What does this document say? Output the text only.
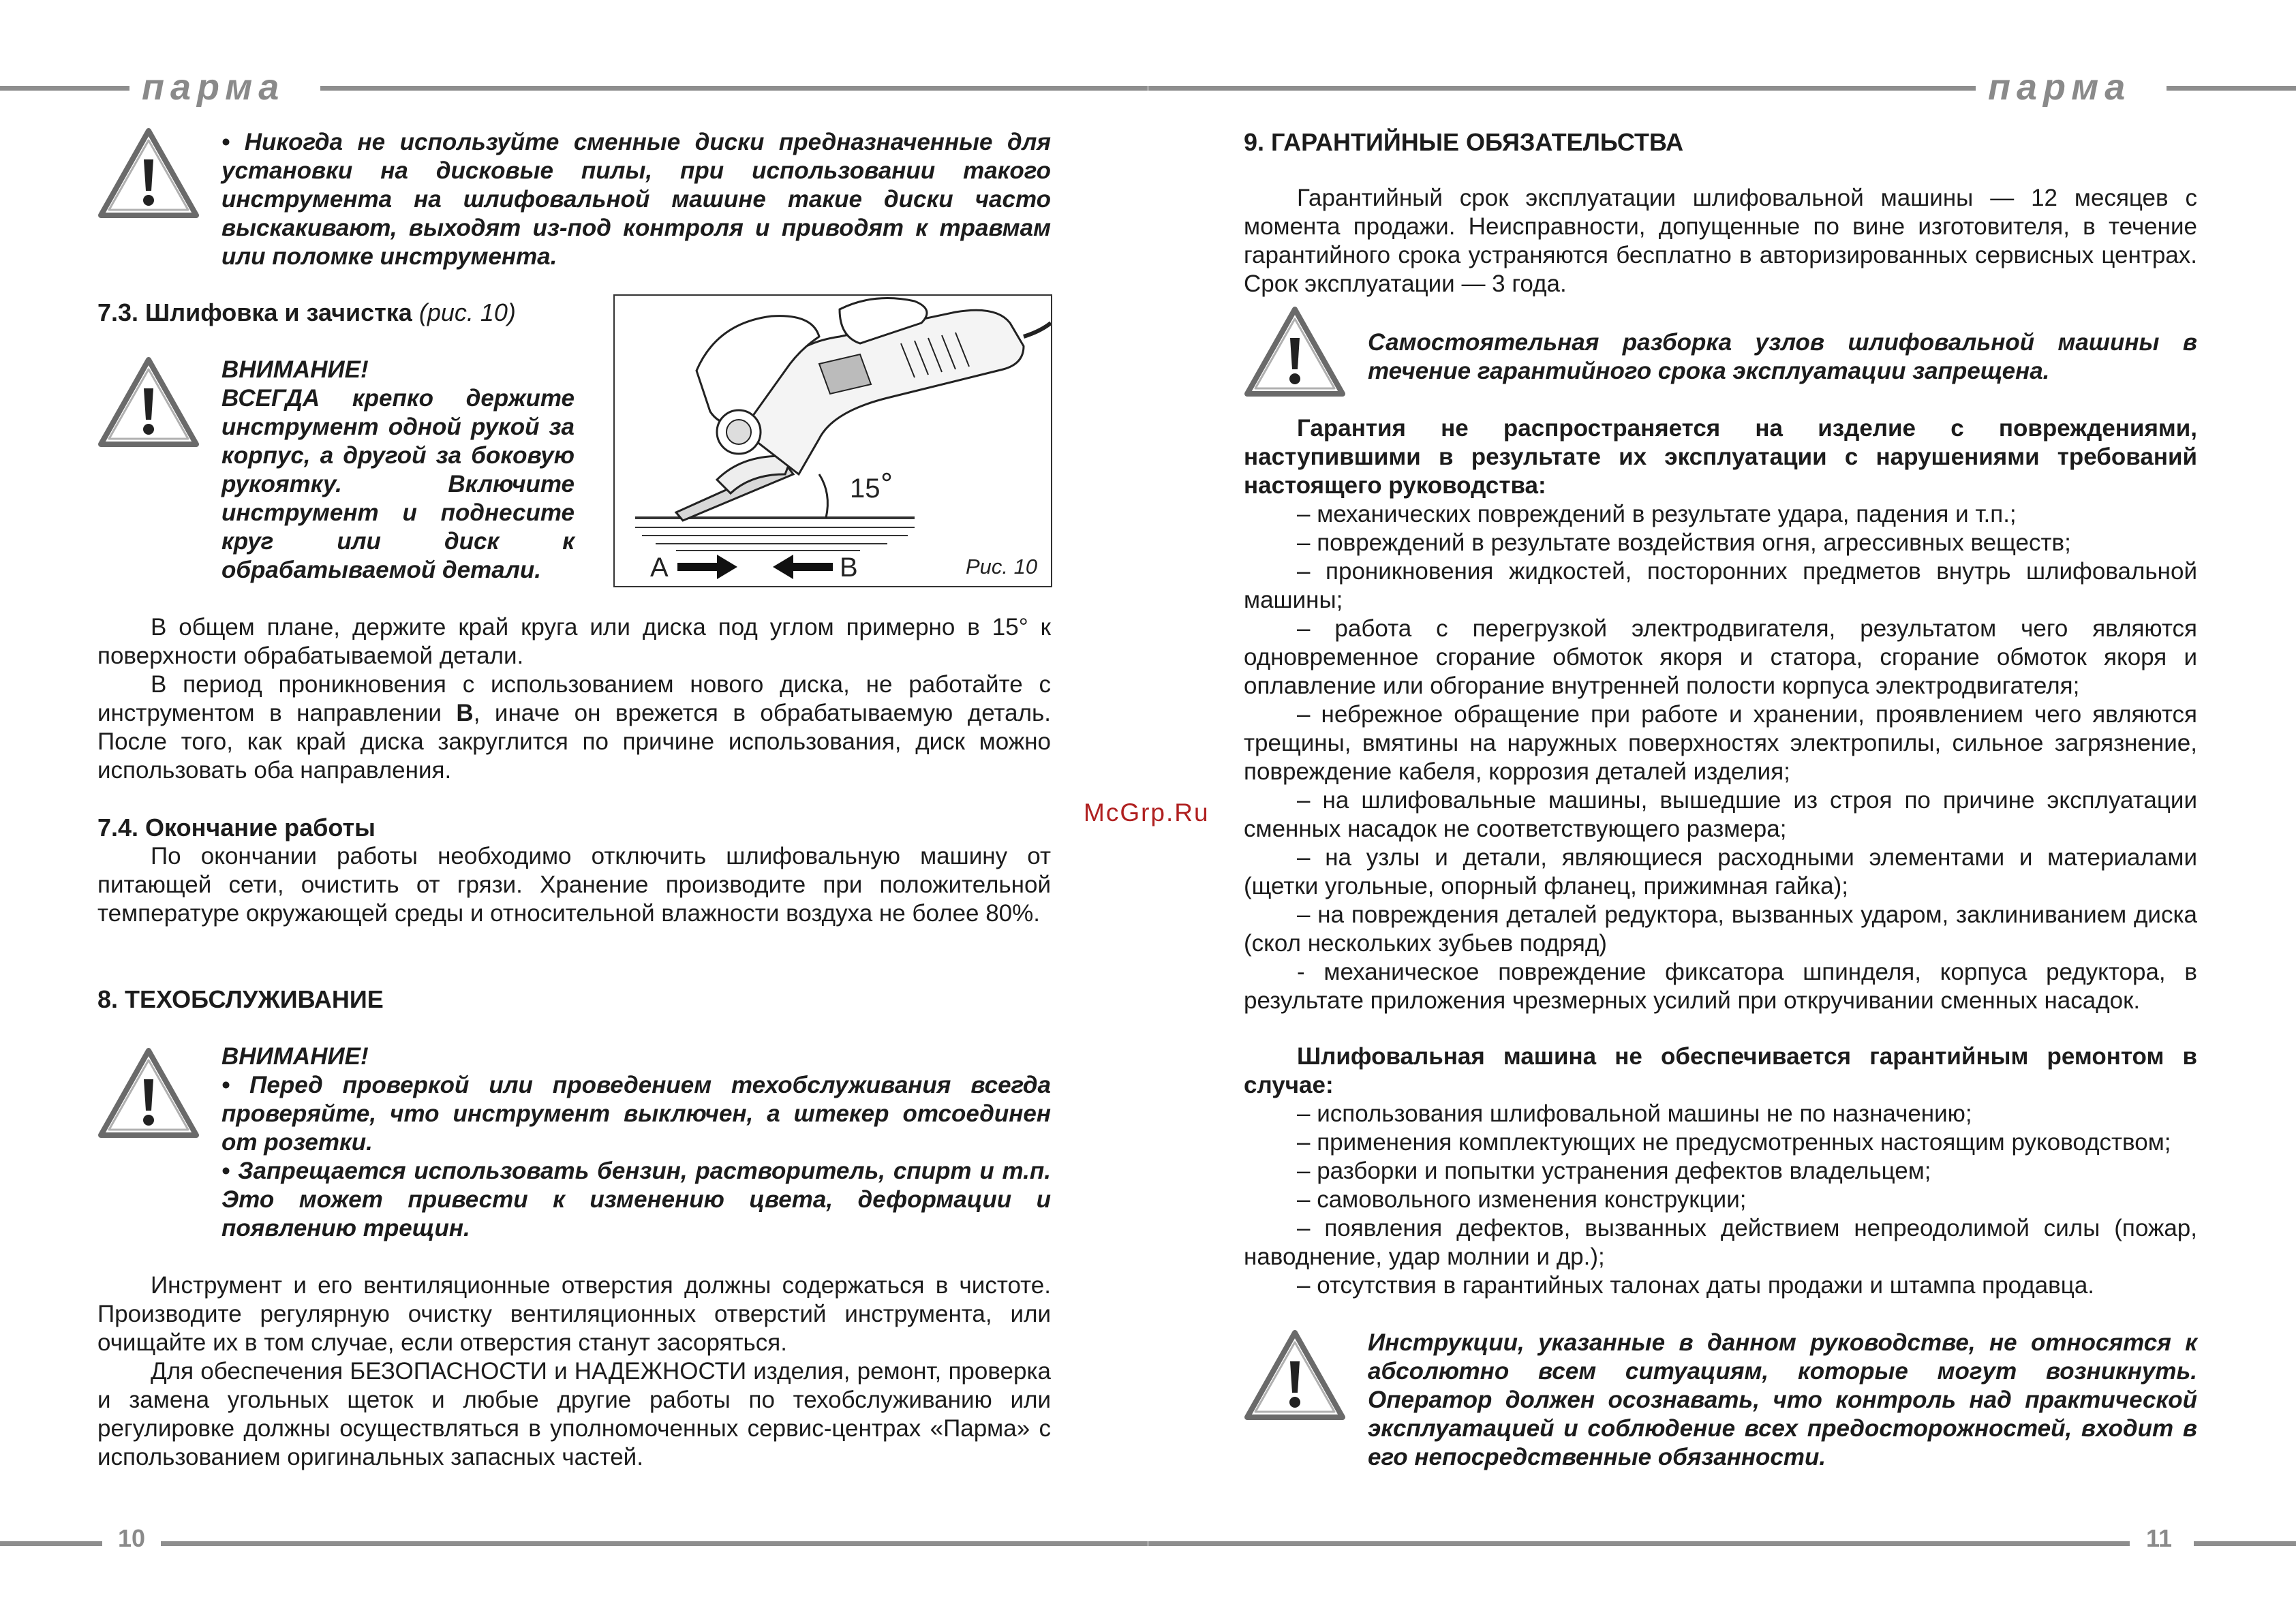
парма
• Никогда не используйте сменные диски предназначенные для установки на дисковые пилы, при использовании такого инструмента на шлифовальной машине такие диски часто выскакивают, выходят из-под контроля и приводят к травмам или поломке инструмента.
7.3. Шлифовка и зачистка (рис. 10)

ВНИМАНИЕ!

ВСЕГДА крепко держите инструмент одной рукой за корпус, а другой за боковую рукоятку. Включите инструмент и поднесите круг или диск к обрабатываемой детали.

15
A	B	Рис. 10

В общем плане, держите край круга или диска под углом примерно в 15° к поверхности обрабатываемой детали.

В период проникновения с использованием нового диска, не работайте с инструментом в направлении B, иначе он врежется в обрабатываемую деталь. После того, как край диска закруглится по причине использования, диск можно использовать оба направления.

7.4. Окончание работы

По окончании работы необходимо отключить шлифовальную машину от питающей сети, очистить от грязи. Хранение производите при положительной температуре окружающей среды и относительной влажности воздуха не более 80%.

8. ТЕХОБСЛУЖИВАНИЕ

ВНИМАНИЕ!

• Перед проверкой или проведением техобслуживания всегда проверяйте, что инструмент выключен, а штекер отсоединен от розетки.

• Запрещается использовать бензин, растворитель, спирт и т.п. Это может привести к изменению цвета, деформации и появлению трещин.

Инструмент и его вентиляционные отверстия должны содержаться в чистоте. Производите регулярную очистку вентиляционных отверстий инструмента, или очищайте их в том случае, если отверстия станут засоряться.

Для обеспечения БЕЗОПАСНОСТИ и НАДЕЖНОСТИ изделия, ремонт, проверка и замена угольных щеток и любые другие работы по техобслуживанию или регулировке должны осуществляться в уполномоченных сервис-центрах «Парма» с использованием оригинальных запасных частей.

10
McGrp.Ru
парма
9. ГАРАНТИЙНЫЕ ОБЯЗАТЕЛЬСТВА

Гарантийный срок эксплуатации шлифовальной машины — 12 месяцев с момента продажи. Неисправности, допущенные по вине изготовителя, в течение гарантийного срока устраняются бесплатно в авторизированных сервисных центрах. Срок эксплуатации — 3 года.

Самостоятельная разборка узлов шлифовальной машины в течение гарантийного срока эксплуатации запрещена.

Гарантия не распространяется на изделие с повреждениями, наступившими в результате их эксплуатации с нарушениями требований настоящего руководства:

– механических повреждений в результате удара, падения и т.п.;

– повреждений в результате воздействия огня, агрессивных веществ;

– проникновения жидкостей, посторонних предметов внутрь шлифовальной машины;

– работа с перегрузкой электродвигателя, результатом чего являются одновременное сгорание обмоток якоря и статора, сгорание обмоток якоря и оплавление или обгорание внутренней полости корпуса электродвигателя;

– небрежное обращение при работе и хранении, проявлением чего являются трещины, вмятины на наружных поверхностях электропилы, сильное загрязнение, повреждение кабеля, коррозия деталей изделия;

– на шлифовальные машины, вышедшие из строя по причине эксплуатации сменных насадок не соответствующего размера;

– на узлы и детали, являющиеся расходными элементами и материалами (щетки угольные, опорный фланец, прижимная гайка);

– на повреждения деталей редуктора, вызванных ударом, заклиниванием диска (скол нескольких зубьев подряд)

- механическое повреждение фиксатора шпинделя, корпуса редуктора, в результате приложения чрезмерных усилий при откручивании сменных насадок.

Шлифовальная машина не обеспечивается гарантийным ремонтом в случае:

– использования шлифовальной машины не по назначению;

– применения комплектующих не предусмотренных настоящим руководством;

– разборки и попытки устранения дефектов владельцем;

– самовольного изменения конструкции;

– появления дефектов, вызванных действием непреодолимой силы (пожар, наводнение, удар молнии и др.);

– отсутствия в гарантийных талонах даты продажи и штампа продавца.

Инструкции, указанные в данном руководстве, не относятся к абсолютно всем ситуациям, которые могут возникнуть. Оператор должен осознавать, что контроль над практической эксплуатацией и соблюдение всех предосторожностей, входит в его непосредственные обязанности.
11
